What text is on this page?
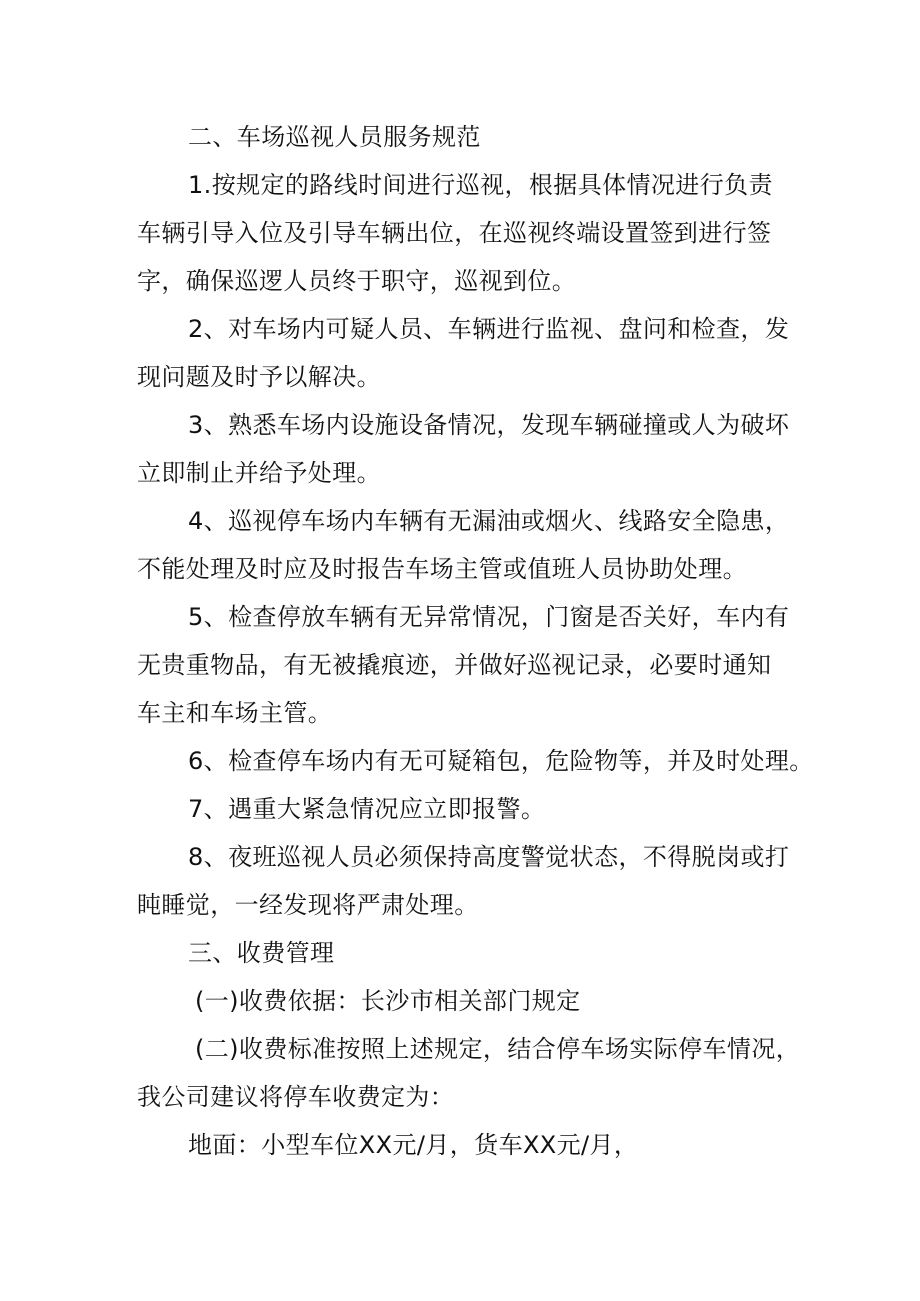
二、车场巡视人员服务规范

1.按规定的路线时间进行巡视，根据具体情况进行负责

车辆引导入位及引导车辆出位，在巡视终端设置签到进行签

字，确保巡逻人员终于职守，巡视到位。

2、对车场内可疑人员、车辆进行监视、盘问和检查，发

现问题及时予以解决。

3、熟悉车场内设施设备情况，发现车辆碰撞或人为破坏

立即制止并给予处理。

4、巡视停车场内车辆有无漏油或烟火、线路安全隐患，

不能处理及时应及时报告车场主管或值班人员协助处理。

5、检查停放车辆有无异常情况，门窗是否关好，车内有

无贵重物品，有无被撬痕迹，并做好巡视记录，必要时通知

车主和车场主管。

6、检查停车场内有无可疑箱包，危险物等，并及时处理。

7、遇重大紧急情况应立即报警。

8、夜班巡视人员必须保持高度警觉状态，不得脱岗或打

盹睡觉，一经发现将严肃处理。

三、收费管理

(一)收费依据：长沙市相关部门规定

(二)收费标准按照上述规定，结合停车场实际停车情况，

我公司建议将停车收费定为：

地面：小型车位XX元/月，货车XX元/月，
